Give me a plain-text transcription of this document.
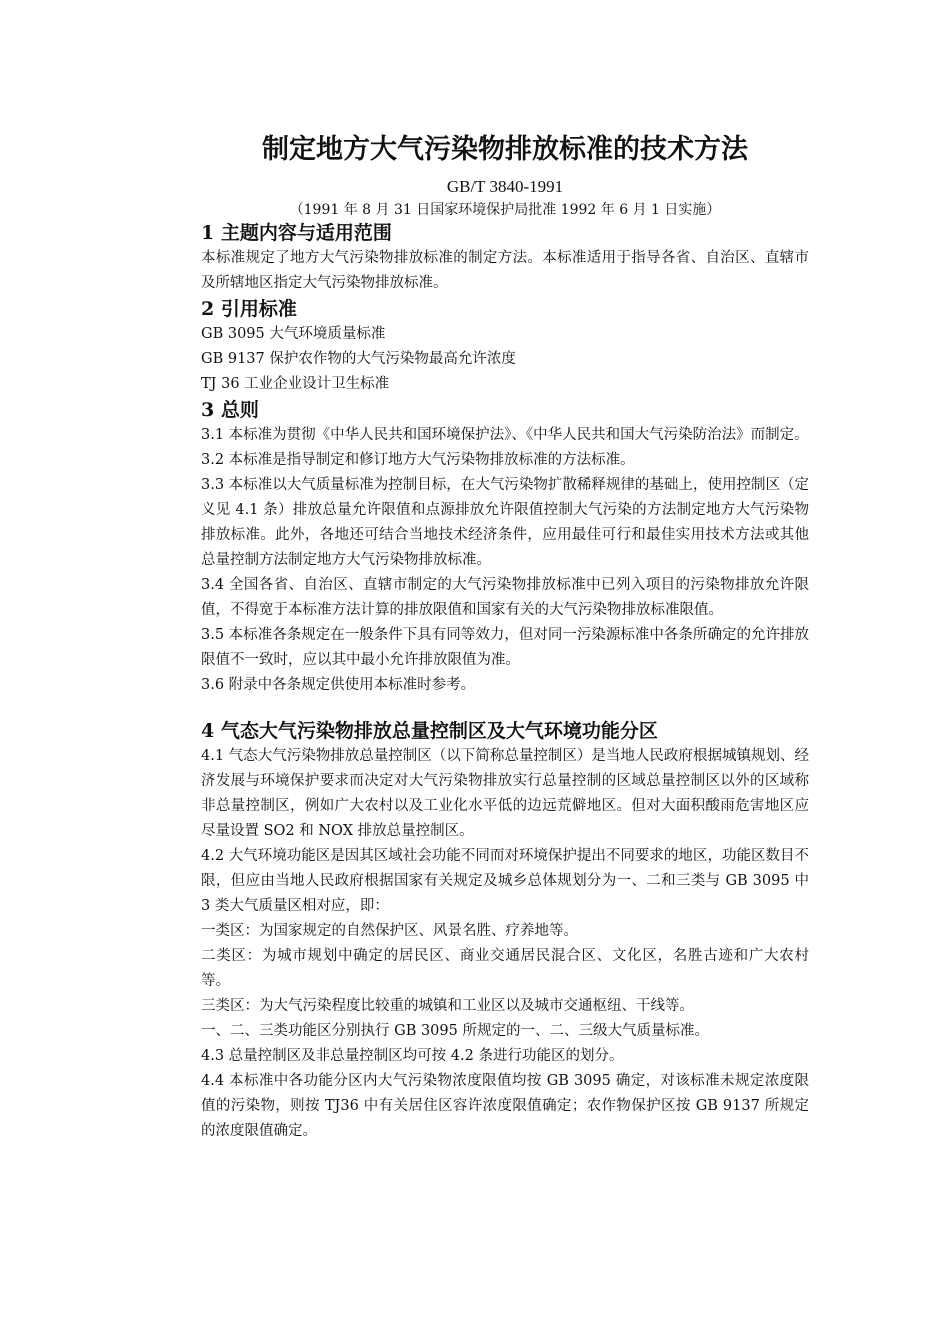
制定地方大气污染物排放标准的技术方法
GB/T 3840-1991
（1991 年 8 月 31 日国家环境保护局批准 1992 年 6 月 1 日实施）
1 主题内容与适用范围

本标准规定了地方大气污染物排放标准的制定方法。本标准适用于指导各省、自治区、直辖市及所辖地区指定大气污染物排放标准。

2 引用标准

GB 3095 大气环境质量标准

GB 9137 保护农作物的大气污染物最高允许浓度

TJ 36 工业企业设计卫生标准

3 总则

3.1 本标准为贯彻《中华人民共和国环境保护法》、《中华人民共和国大气污染防治法》而制定。

3.2 本标准是指导制定和修订地方大气污染物排放标准的方法标准。

3.3 本标准以大气质量标准为控制目标，在大气污染物扩散稀释规律的基础上，使用控制区（定义见 4.1 条）排放总量允许限值和点源排放允许限值控制大气污染的方法制定地方大气污染物排放标准。此外，各地还可结合当地技术经济条件，应用最佳可行和最佳实用技术方法或其他总量控制方法制定地方大气污染物排放标准。

3.4 全国各省、自治区、直辖市制定的大气污染物排放标准中已列入项目的污染物排放允许限值，不得宽于本标准方法计算的排放限值和国家有关的大气污染物排放标准限值。

3.5 本标准各条规定在一般条件下具有同等效力，但对同一污染源标准中各条所确定的允许排放限值不一致时，应以其中最小允许排放限值为准。

3.6 附录中各条规定供使用本标准时参考。

4 气态大气污染物排放总量控制区及大气环境功能分区

4.1 气态大气污染物排放总量控制区（以下简称总量控制区）是当地人民政府根据城镇规划、经济发展与环境保护要求而决定对大气污染物排放实行总量控制的区域总量控制区以外的区域称非总量控制区，例如广大农村以及工业化水平低的边远荒僻地区。但对大面积酸雨危害地区应尽量设置 SO2 和 NOX 排放总量控制区。

4.2 大气环境功能区是因其区域社会功能不同而对环境保护提出不同要求的地区，功能区数目不限，但应由当地人民政府根据国家有关规定及城乡总体规划分为一、二和三类与 GB 3095 中 3 类大气质量区相对应，即：

一类区：为国家规定的自然保护区、风景名胜、疗养地等。

二类区：为城市规划中确定的居民区、商业交通居民混合区、文化区，名胜古迹和广大农村等。

三类区：为大气污染程度比较重的城镇和工业区以及城市交通枢纽、干线等。

一、二、三类功能区分别执行 GB 3095 所规定的一、二、三级大气质量标准。

4.3 总量控制区及非总量控制区均可按 4.2 条进行功能区的划分。

4.4 本标准中各功能分区内大气污染物浓度限值均按 GB 3095 确定，对该标准未规定浓度限值的污染物，则按 TJ36 中有关居住区容许浓度限值确定；农作物保护区按 GB 9137 所规定的浓度限值确定。
